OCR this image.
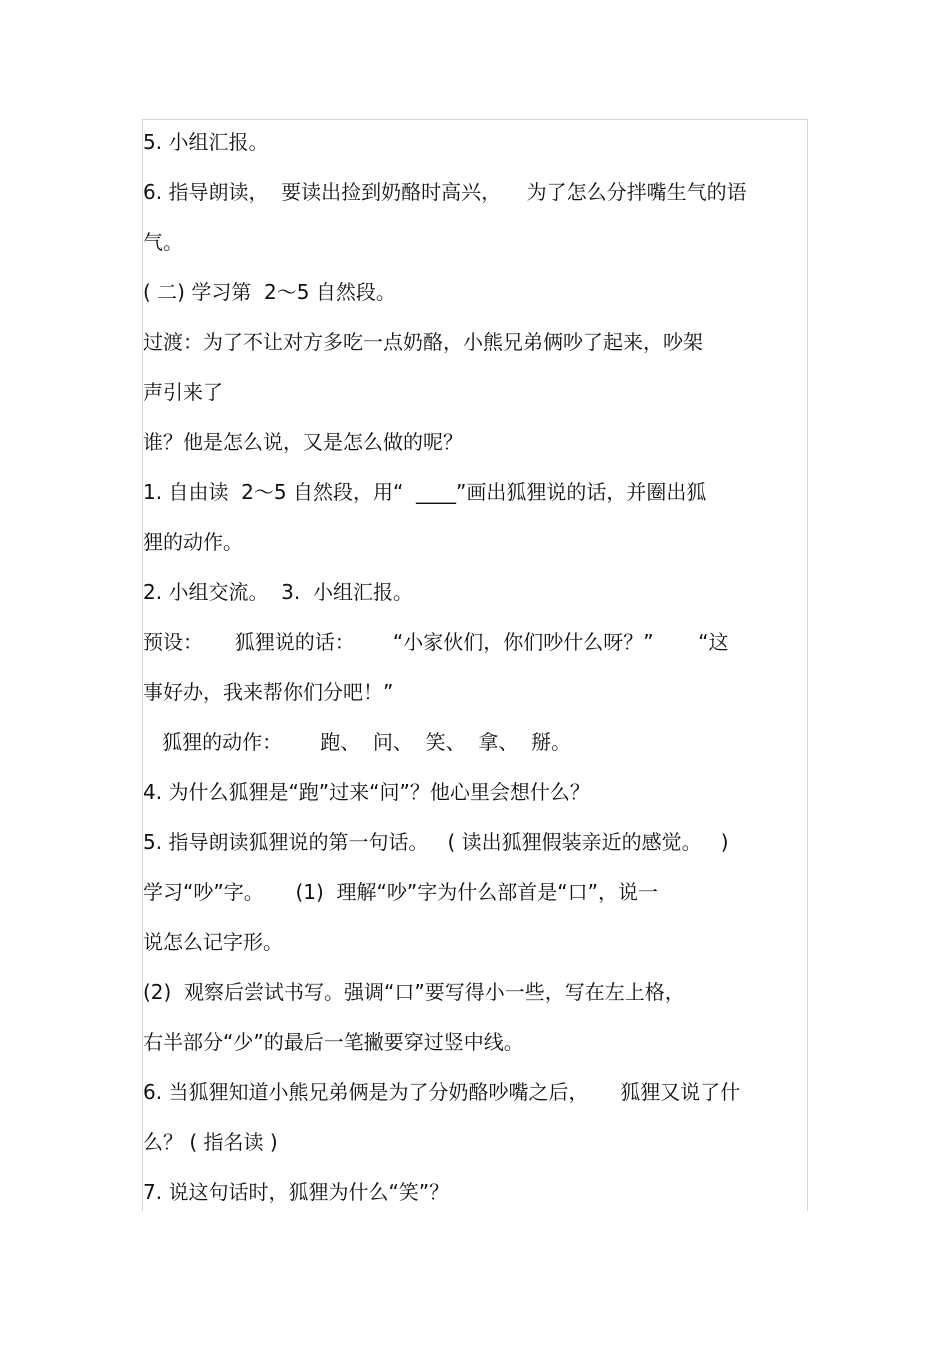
5. 小组汇报。
6. 指导朗读，  要读出捡到奶酪时高兴，    为了怎么分拌嘴生气的语
气。
( 二) 学习第  2～5 自然段。
过渡：为了不让对方多吃一点奶酪，小熊兄弟俩吵了起来，吵架
声引来了
谁？他是怎么说，又是怎么做的呢？
1. 自由读  2～5 自然段，用“  ____”画出狐狸说的话，并圈出狐
狸的动作。
2. 小组交流。  3.  小组汇报。
预设：     狐狸说的话：      “小家伙们，你们吵什么呀？”       “这
事好办，我来帮你们分吧！”
狐狸的动作：      跑、  问、  笑、  拿、  掰。
4. 为什么狐狸是“跑”过来“问”？他心里会想什么？
5. 指导朗读狐狸说的第一句话。   ( 读出狐狸假装亲近的感觉。   )
学习“吵”字。     (1)  理解“吵”字为什么部首是“口”，说一
说怎么记字形。
(2)  观察后尝试书写。强调“口”要写得小一些，写在左上格，
右半部分“少”的最后一笔撇要穿过竖中线。
6. 当狐狸知道小熊兄弟俩是为了分奶酪吵嘴之后，     狐狸又说了什
么？ ( 指名读 )
7. 说这句话时，狐狸为什么“笑”？
